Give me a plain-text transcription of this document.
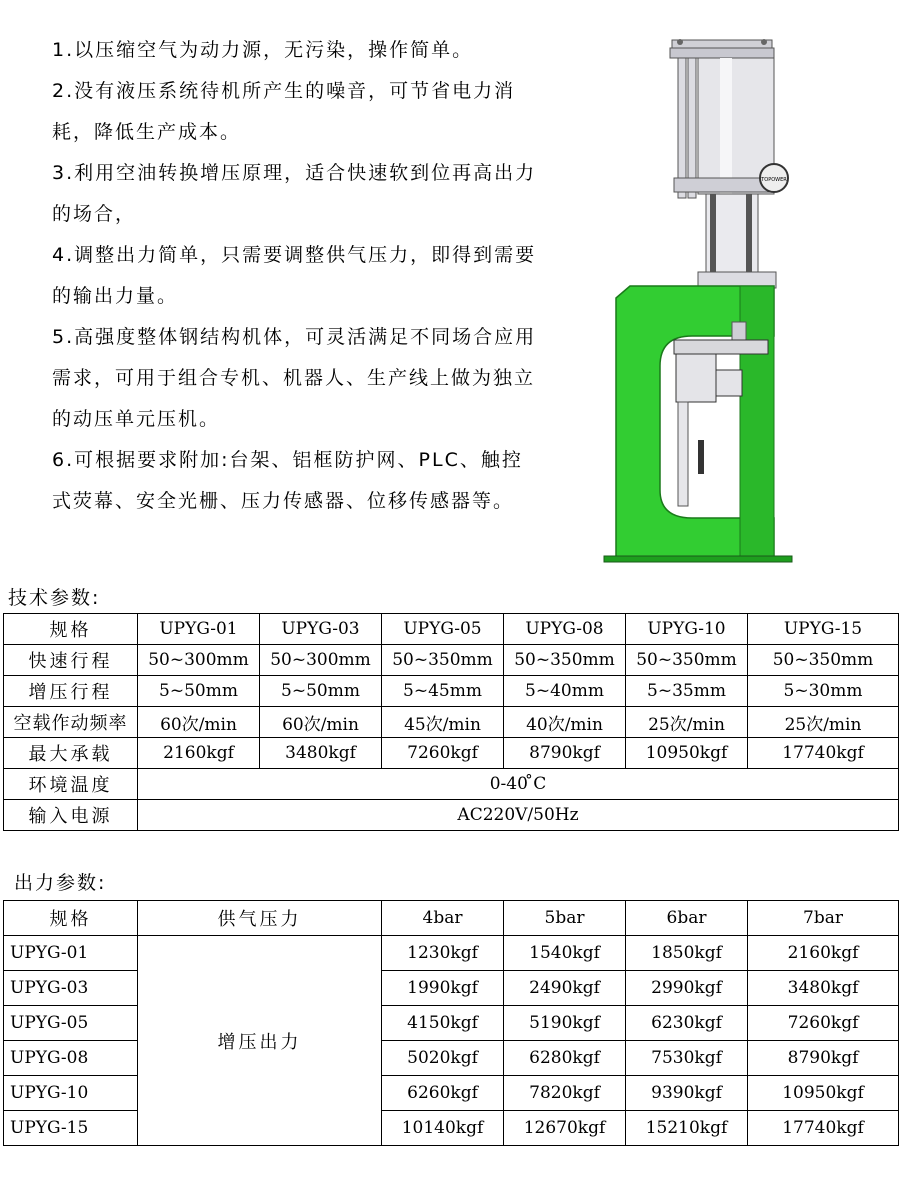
1.以压缩空气为动力源，无污染，操作简单。

2.没有液压系统待机所产生的噪音，可节省电力消耗，降低生产成本。

3.利用空油转换增压原理，适合快速软到位再高出力的场合，

4.调整出力简单，只需要调整供气压力，即得到需要的输出力量。

5.高强度整体钢结构机体，可灵活满足不同场合应用需求，可用于组合专机、机器人、生产线上做为独立的动压单元压机。

6.可根据要求附加:台架、铝框防护网、PLC、触控式荧幕、安全光栅、压力传感器、位移传感器等。

TOPOWER
技术参数:
规格	UPYG-01	UPYG-03	UPYG-05	UPYG-08	UPYG-10	UPYG-15
快速行程	50~300mm	50~300mm	50~350mm	50~350mm	50~350mm	50~350mm
增压行程	5~50mm	5~50mm	5~45mm	5~40mm	5~35mm	5~30mm
空载作动频率	60次/min	60次/min	45次/min	40次/min	25次/min	25次/min
最大承载	2160kgf	3480kgf	7260kgf	8790kgf	10950kgf	17740kgf
环境温度	0-40 ̊C					
输入电源	AC220V/50Hz					
出力参数:
规格	供气压力	4bar	5bar	6bar	7bar
UPYG-01	增压出力	1230kgf	1540kgf	1850kgf	2160kgf
UPYG-03		1990kgf	2490kgf	2990kgf	3480kgf
UPYG-05		4150kgf	5190kgf	6230kgf	7260kgf
UPYG-08		5020kgf	6280kgf	7530kgf	8790kgf
UPYG-10		6260kgf	7820kgf	9390kgf	10950kgf
UPYG-15		10140kgf	12670kgf	15210kgf	17740kgf
